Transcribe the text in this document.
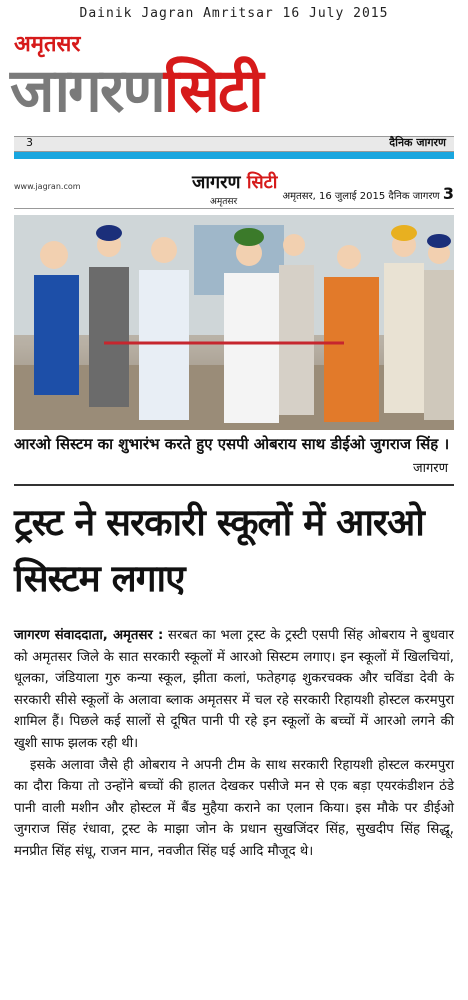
Dainik Jagran Amritsar 16 July 2015
अमृतसर
जागरणसिटी
3	दैनिक जागरण
www.jagran.com	जागरण सिटी
अमृतसर	अमृतसर, 16 जुलाई 2015 दैनिक जागरण 3
आरओ सिस्टम का शुभारंभ करते हुए एसपी ओबराय साथ डीईओ जुगराज सिंह ।
जागरण
ट्रस्ट ने सरकारी स्कूलों में आरओ सिस्टम लगाए

जागरण संवाददाता, अमृतसर : सरबत का भला ट्रस्ट के ट्रस्टी एसपी सिंह ओबराय ने बुधवार को अमृतसर जिले के सात सरकारी स्कूलों में आरओ सिस्टम लगाए। इन स्कूलों में खिलचियां, धूलका, जंडियाला गुरु कन्या स्कूल, झीता कलां, फतेहगढ़ शुकरचक्क और चविंडा देवी के सरकारी सीसे स्कूलों के अलावा ब्लाक अमृतसर में चल रहे सरकारी रिहायशी होस्टल करमपुरा शामिल हैं। पिछले कई सालों से दूषित पानी पी रहे इन स्कूलों के बच्चों में आरओ लगने की खुशी साफ झलक रही थी।

इसके अलावा जैसे ही ओबराय ने अपनी टीम के साथ सरकारी रिहायशी होस्टल करमपुरा का दौरा किया तो उन्होंने बच्चों की हालत देखकर पसीजे मन से एक बड़ा एयरकंडीशन ठंडे पानी वाली मशीन और होस्टल में बैंड मुहैया कराने का एलान किया। इस मौके पर डीईओ जुगराज सिंह रंधावा, ट्रस्ट के माझा जोन के प्रधान सुखजिंदर सिंह, सुखदीप सिंह सिद्धू, मनप्रीत सिंह संधू, राजन मान, नवजीत सिंह घई आदि मौजूद थे।
